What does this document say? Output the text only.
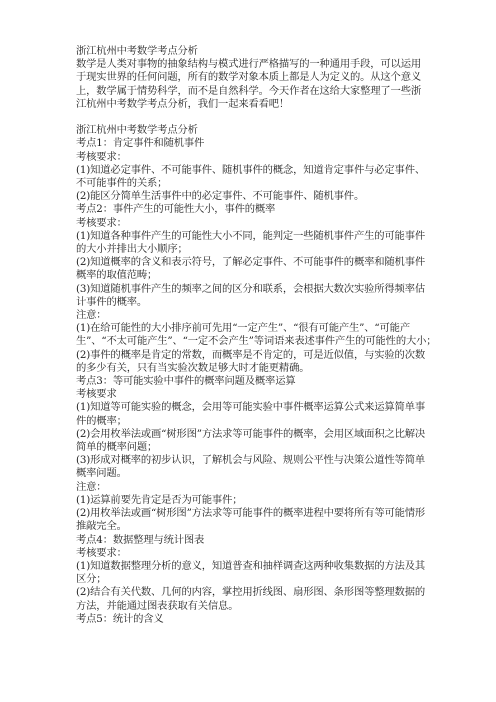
浙江杭州中考数学考点分析
数学是人类对事物的抽象结构与模式进行严格描写的一种通用手段，可以运用
于现实世界的任何问题，所有的数学对象本质上都是人为定义的。从这个意义
上，数学属于情势科学，而不是自然科学。今天作者在这给大家整理了一些浙
江杭州中考数学考点分析，我们一起来看看吧！
浙江杭州中考数学考点分析
考点1：肯定事件和随机事件
考核要求：
(1)知道必定事件、不可能事件、随机事件的概念，知道肯定事件与必定事件、
不可能事件的关系；
(2)能区分简单生活事件中的必定事件、不可能事件、随机事件。
考点2：事件产生的可能性大小，事件的概率
考核要求：
(1)知道各种事件产生的可能性大小不同，能判定一些随机事件产生的可能事件
的大小并排出大小顺序；
(2)知道概率的含义和表示符号，了解必定事件、不可能事件的概率和随机事件
概率的取值范畴；
(3)知道随机事件产生的频率之间的区分和联系，会根据大数次实验所得频率估
计事件的概率。
注意：
(1)在给可能性的大小排序前可先用“一定产生”、“很有可能产生”、“可能产
生”、“不太可能产生”、“一定不会产生”等词语来表述事件产生的可能性的大小；
(2)事件的概率是肯定的常数，而概率是不肯定的，可是近似值，与实验的次数
的多少有关，只有当实验次数足够大时才能更精确。
考点3：等可能实验中事件的概率问题及概率运算
考核要求
(1)知道等可能实验的概念，会用等可能实验中事件概率运算公式来运算简单事
件的概率；
(2)会用枚举法或画“树形图”方法求等可能事件的概率，会用区域面积之比解决
简单的概率问题；
(3)形成对概率的初步认识，了解机会与风险、规则公平性与决策公道性等简单
概率问题。
注意：
(1)运算前要先肯定是否为可能事件；
(2)用枚举法或画“树形图”方法求等可能事件的概率进程中要将所有等可能情形
推敲完全。
考点4：数据整理与统计图表
考核要求：
(1)知道数据整理分析的意义，知道普查和抽样调查这两种收集数据的方法及其
区分；
(2)结合有关代数、几何的内容，掌控用折线图、扇形图、条形图等整理数据的
方法，并能通过图表获取有关信息。
考点5：统计的含义
